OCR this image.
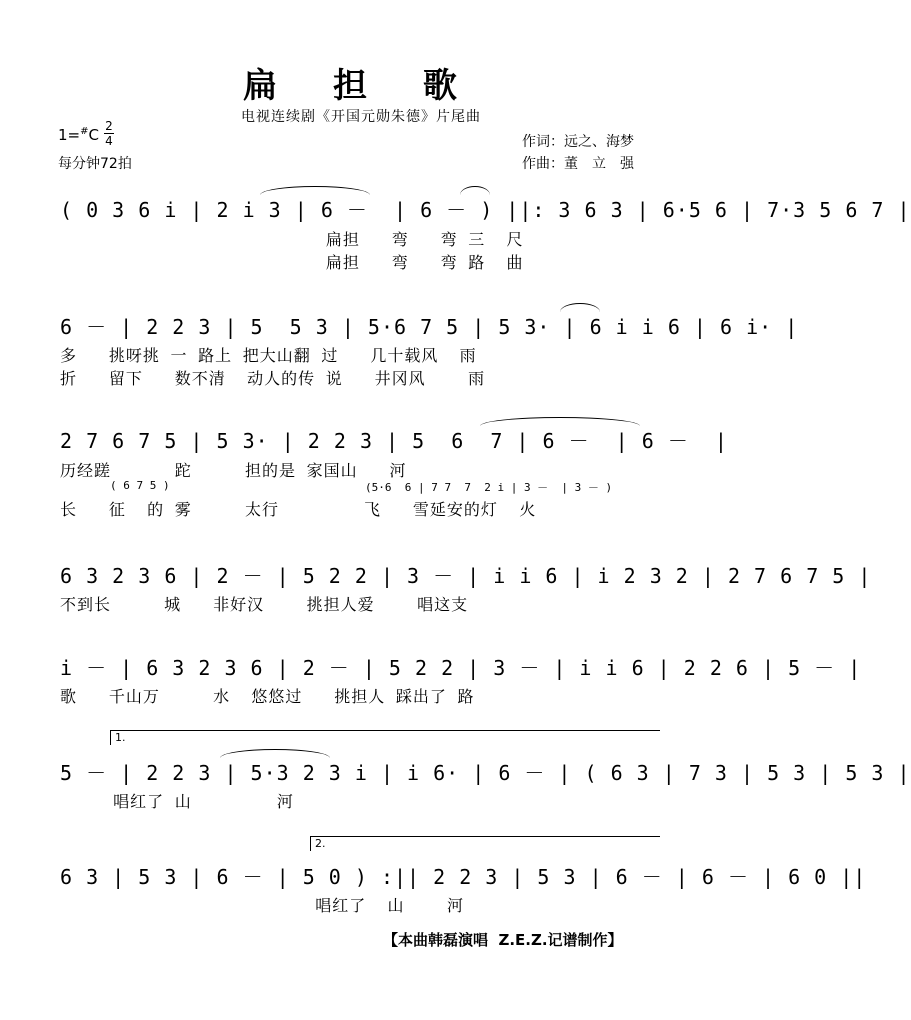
扁 担 歌
电视连续剧《开国元勋朱德》片尾曲
1=#C 2
4
每分钟72拍
作词：远之、海梦
作曲：董　立　强
( 0 3 6 i | 2 i 3 | 6 －  | 6 － ) ||: 3 6 3 | 6·5 6 | 7·3 5 6 7 |
扁担   弯   弯 三  尺
扁担   弯   弯 路  曲
6 － | 2 2 3 | 5  5 3 | 5·6 7 5 | 5 3· | 6 i i 6 | 6 i· |
多   挑呀挑 一 路上 把大山翻 过   几十载风  雨
折   留下   数不清  动人的传 说   井冈风    雨
2 7 6 7 5 | 5 3· | 2 2 3 | 5  6  7 | 6 －  | 6 －  |
历经蹉      跎     担的是 家国山   河
( 6 7 5 )	(5·6  6 | 7 7  7  2 i | 3 －  | 3 － )
长   征  的 雾     太行        飞   雪延安的灯  火
6 3 2 3 6 | 2 － | 5 2 2 | 3 － | i i 6 | i 2 3 2 | 2 7 6 7 5 |
不到长     城   非好汉    挑担人爱    唱这支
i － | 6 3 2 3 6 | 2 － | 5 2 2 | 3 － | i i 6 | 2 2 6 | 5 － |
歌   千山万     水  悠悠过   挑担人 踩出了 路
1.
5 － | 2 2 3 | 5·3 2 3 i | i 6· | 6 － | ( 6 3 | 7 3 | 5 3 | 5 3 |
唱红了 山        河
2.
6 3 | 5 3 | 6 － | 5 0 ) :|| 2 2 3 | 5 3 | 6 － | 6 － | 6 0 ||
唱红了  山    河
【本曲韩磊演唱  Z.E.Z.记谱制作】
